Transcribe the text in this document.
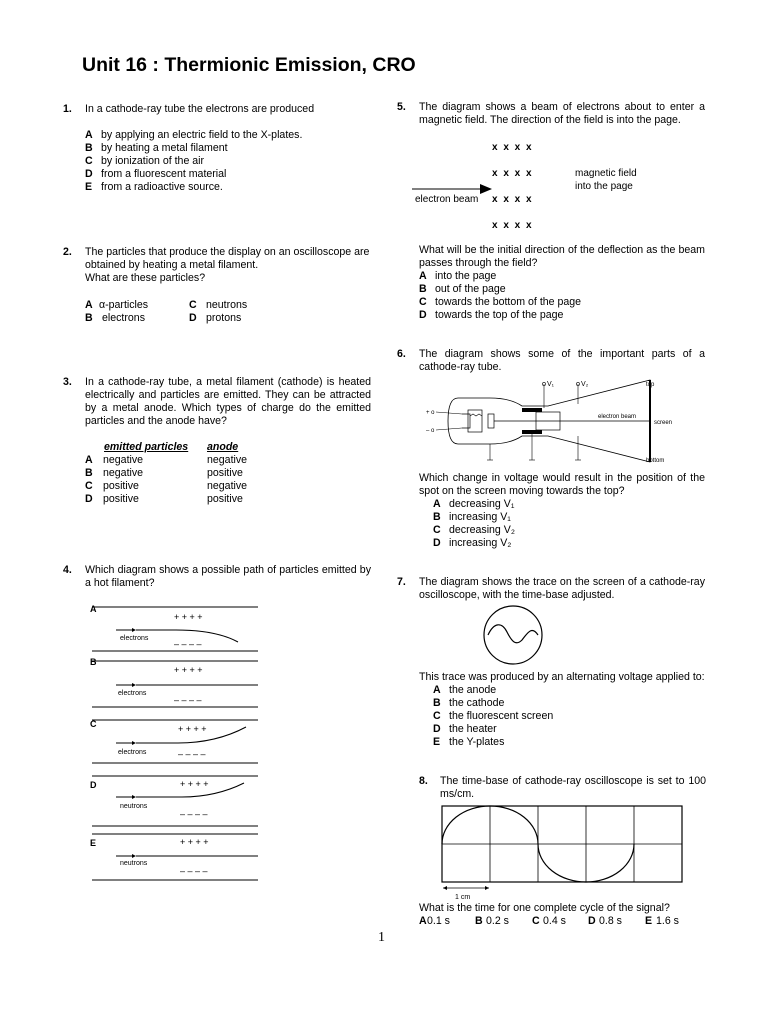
Unit 16 : Thermionic Emission, CRO
1. In a cathode-ray tube the electrons are produced
A by applying an electric field to the X-plates.
B by heating a metal filament
C by ionization of the air
D from a fluorescent material
E from a radioactive source.
2. The particles that produce the display on an oscilloscope are obtained by heating a metal filament.
What are these particles?
A α-particles	C neutrons
B electrons	D protons
3. In a cathode-ray tube, a metal filament (cathode) is heated electrically and particles are emitted. They can be attracted by a metal anode. Which types of charge do the emitted particles and the anode have?
emitted particles anode
A negative	negative
B negative	positive
C positive	negative
D positive	positive
4. Which diagram shows a possible path of particles emitted by a hot filament?
A
+ + + +
electrons
– – – –
B
+ + + +
electrons
– – – –
C	+ + + +
electrons	– – – –
D	+ + + +
neutrons
– – – –
E	+ + + +
neutrons
– – – –
5. The diagram shows a beam of electrons about to enter a magnetic field. The direction of the field is into the page.
x x x x
x x x x
x x x x
x x x x
magnetic field
into the page
electron beam
What will be the initial direction of the deflection as the beam passes through the field?
A into the page
B out of the page
C towards the bottom of the page
D towards the top of the page
6. The diagram shows some of the important parts of a cathode-ray tube.
+ o
– o
V₁	V₂	top
electron beam
screen
bottom
Which change in voltage would result in the position of the spot on the screen moving towards the top?
A decreasing V₁
B increasing V₁
C decreasing V₂
D increasing V₂
7. The diagram shows the trace on the screen of a cathode-ray oscilloscope, with the time-base adjusted.
This trace was produced by an alternating voltage applied to:
A the anode
B the cathode
C the fluorescent screen
D the heater
E the Y-plates
8. The time-base of cathode-ray oscilloscope is set to 100 ms/cm.
1 cm
What is the time for one complete cycle of the signal?
A0.1 s B 0.2 s C 0.4 s D 0.8 s E 1.6 s
1
